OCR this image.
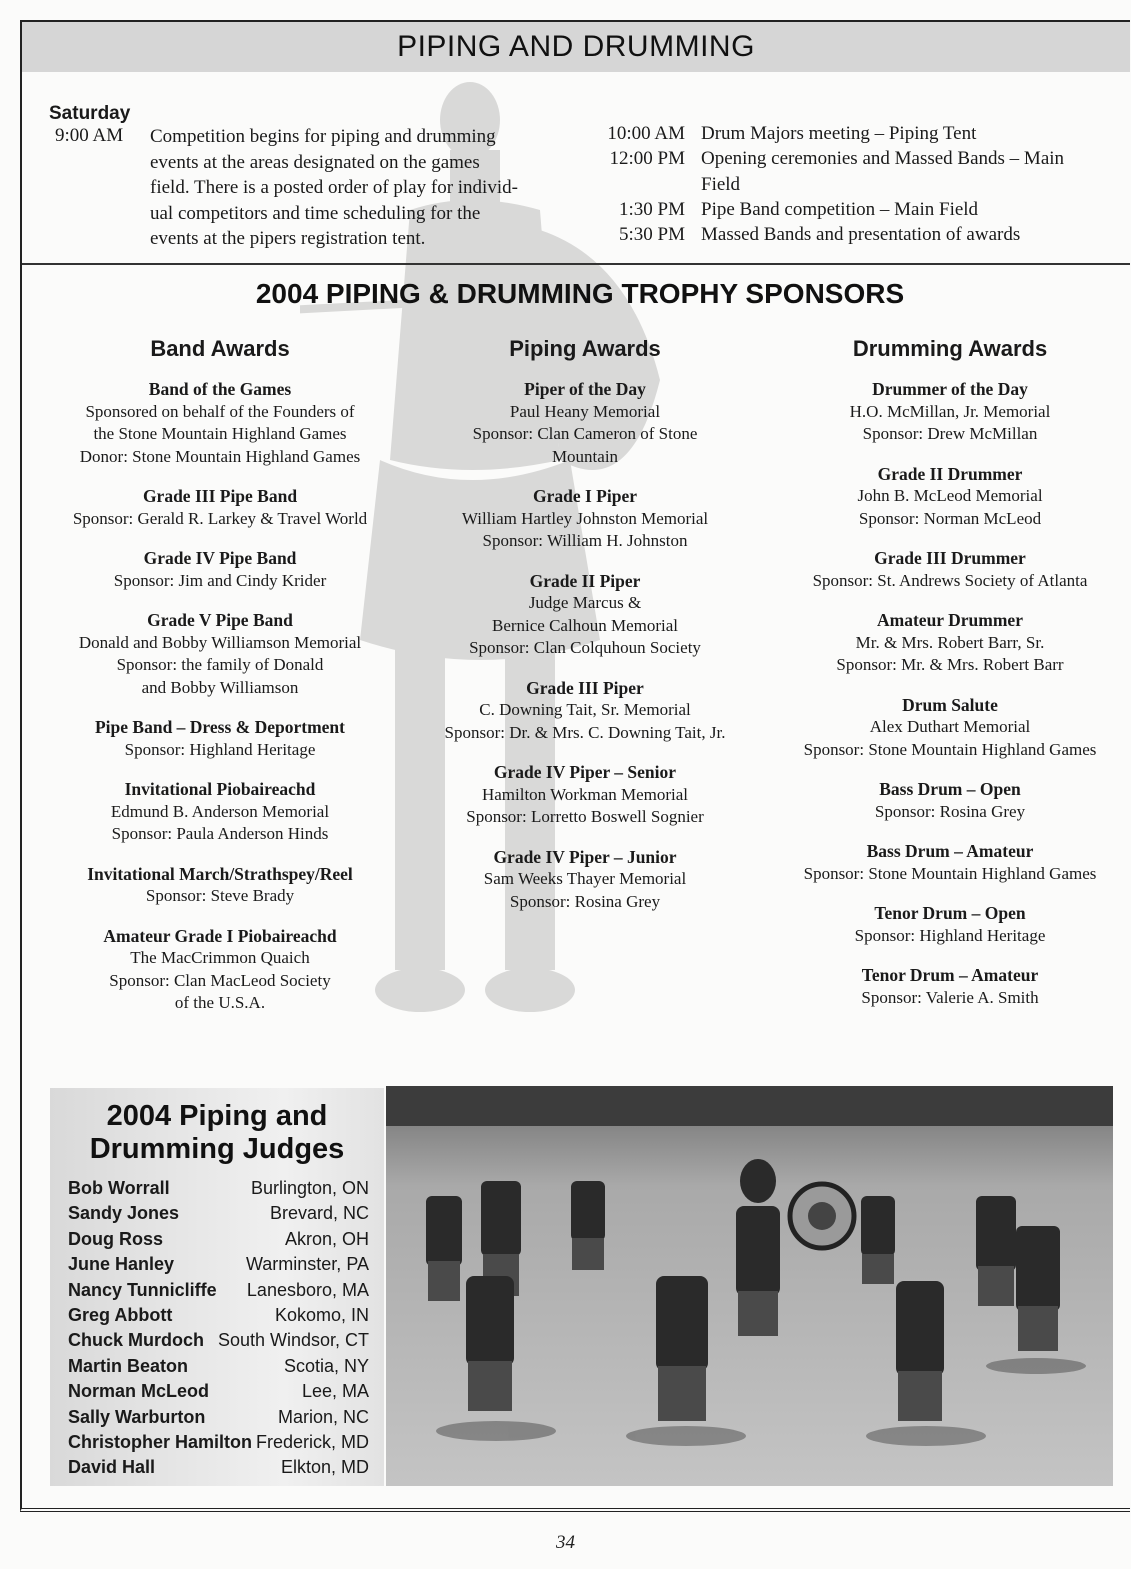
PIPING AND DRUMMING
Saturday
9:00 AM Competition begins for piping and drumming
events at the areas designated on the games
field. There is a posted order of play for individ-
ual competitors and time scheduling for the
events at the pipers registration tent.
10:00 AM Drum Majors meeting – Piping Tent
12:00 PM Opening ceremonies and Massed Bands – Main Field
1:30 PM Pipe Band competition – Main Field
5:30 PM Massed Bands and presentation of awards
2004 PIPING & DRUMMING TROPHY SPONSORS
Band Awards
Band of the Games
Sponsored on behalf of the Founders of
the Stone Mountain Highland Games
Donor: Stone Mountain Highland Games
Grade III Pipe Band
Sponsor: Gerald R. Larkey & Travel World
Grade IV Pipe Band
Sponsor: Jim and Cindy Krider
Grade V Pipe Band
Donald and Bobby Williamson Memorial
Sponsor: the family of Donald
and Bobby Williamson
Pipe Band – Dress & Deportment
Sponsor: Highland Heritage
Invitational Piobaireachd
Edmund B. Anderson Memorial
Sponsor: Paula Anderson Hinds
Invitational March/Strathspey/Reel
Sponsor: Steve Brady
Amateur Grade I Piobaireachd
The MacCrimmon Quaich
Sponsor: Clan MacLeod Society
of the U.S.A.
Piping Awards
Piper of the Day
Paul Heany Memorial
Sponsor: Clan Cameron of Stone
Mountain
Grade I Piper
William Hartley Johnston Memorial
Sponsor: William H. Johnston
Grade II Piper
Judge Marcus &
Bernice Calhoun Memorial
Sponsor: Clan Colquhoun Society
Grade III Piper
C. Downing Tait, Sr. Memorial
Sponsor: Dr. & Mrs. C. Downing Tait, Jr.
Grade IV Piper – Senior
Hamilton Workman Memorial
Sponsor: Lorretto Boswell Sognier
Grade IV Piper – Junior
Sam Weeks Thayer Memorial
Sponsor: Rosina Grey
Drumming Awards
Drummer of the Day
H.O. McMillan, Jr. Memorial
Sponsor: Drew McMillan
Grade II Drummer
John B. McLeod Memorial
Sponsor: Norman McLeod
Grade III Drummer
Sponsor: St. Andrews Society of Atlanta
Amateur Drummer
Mr. & Mrs. Robert Barr, Sr.
Sponsor: Mr. & Mrs. Robert Barr
Drum Salute
Alex Duthart Memorial
Sponsor: Stone Mountain Highland Games
Bass Drum – Open
Sponsor: Rosina Grey
Bass Drum – Amateur
Sponsor: Stone Mountain Highland Games
Tenor Drum – Open
Sponsor: Highland Heritage
Tenor Drum – Amateur
Sponsor: Valerie A. Smith
2004 Piping and
Drumming Judges
Bob Worrall	Burlington, ON
Sandy Jones	Brevard, NC
Doug Ross	Akron, OH
June Hanley	Warminster, PA
Nancy Tunnicliffe Lanesboro, MA
Greg Abbott	Kokomo, IN
Chuck Murdoch South Windsor, CT
Martin Beaton	Scotia, NY
Norman McLeod	Lee, MA
Sally Warburton	Marion, NC
Christopher Hamilton Frederick, MD
David Hall	Elkton, MD
34
